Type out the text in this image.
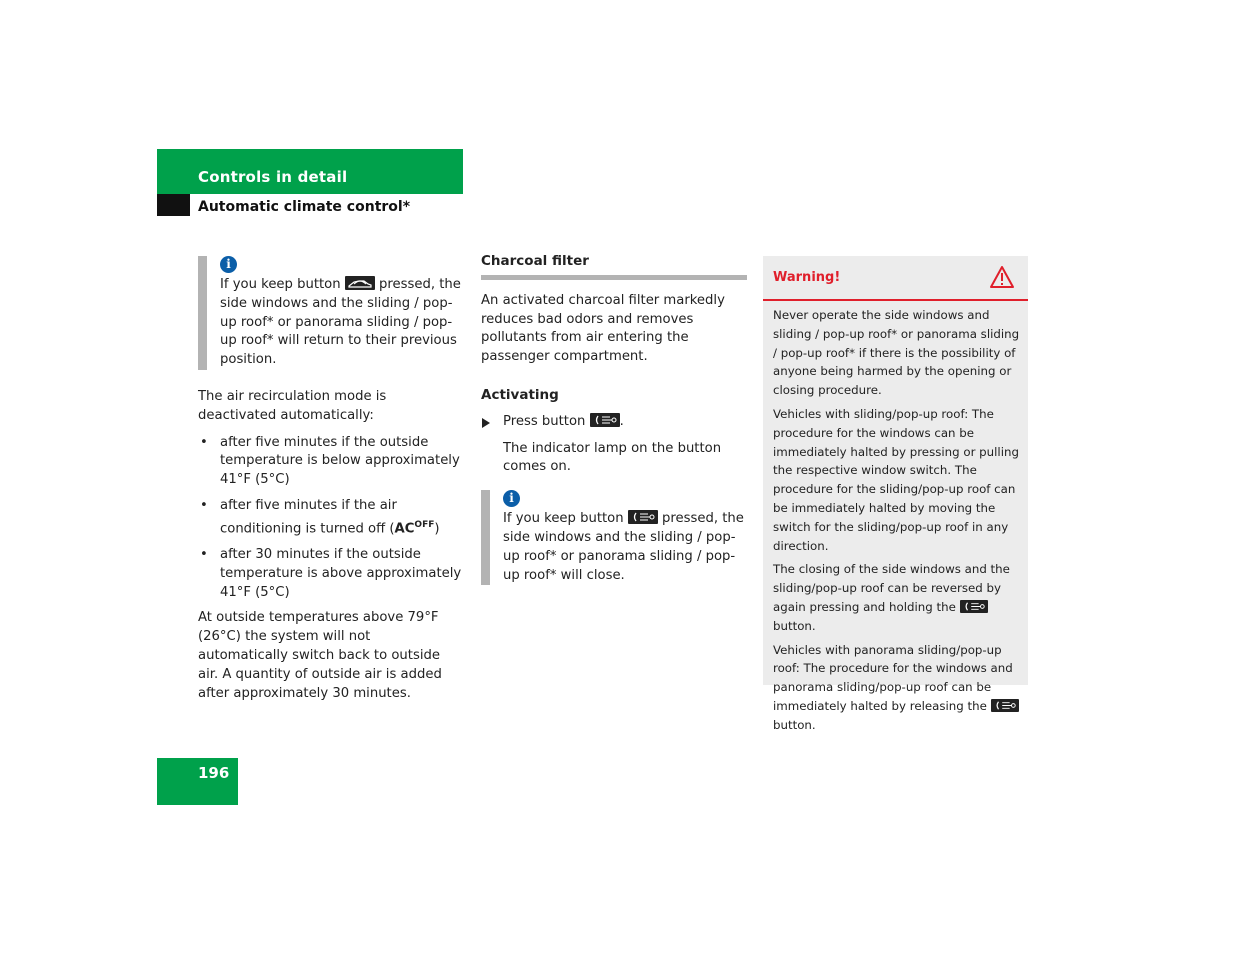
Controls in detail
Automatic climate control*
i

If you keep button	pressed, the side windows and the sliding / pop-up roof* or panorama sliding / pop-up roof* will return to their previous position.

The air recirculation mode is deactivated automatically:

• after five minutes if the outside temperature is below approximately 41°F (5°C)
• after five minutes if the air conditioning is turned off $(AC^{OFF})$
• after 30 minutes if the outside temperature is above approximately 41°F (5°C)

At outside temperatures above 79°F (26°C) the system will not automatically switch back to outside air. A quantity of outside air is added after approximately 30 minutes.

Charcoal filter

An activated charcoal filter markedly reduces bad odors and removes pollutants from air entering the passenger compartment.

Activating
Press button	.

The indicator lamp on the button comes on.

i

If you keep button	pressed, the side windows and the sliding / pop-up roof* or panorama sliding / pop-up roof* will close.

Warning!

Never operate the side windows and sliding / pop-up roof* or panorama sliding / pop-up roof* if there is the possibility of anyone being harmed by the opening or closing procedure.

Vehicles with sliding/pop-up roof: The procedure for the windows can be immediately halted by pressing or pulling the respective window switch. The procedure for the sliding/pop-up roof can be immediately halted by moving the switch for the sliding/pop-up roof in any direction.

The closing of the side windows and the sliding/pop-up roof can be reversed by again pressing and holding the
button.

Vehicles with panorama sliding/pop-up roof: The procedure for the windows and panorama sliding/pop-up roof can be immediately halted by releasing the
button.

196
